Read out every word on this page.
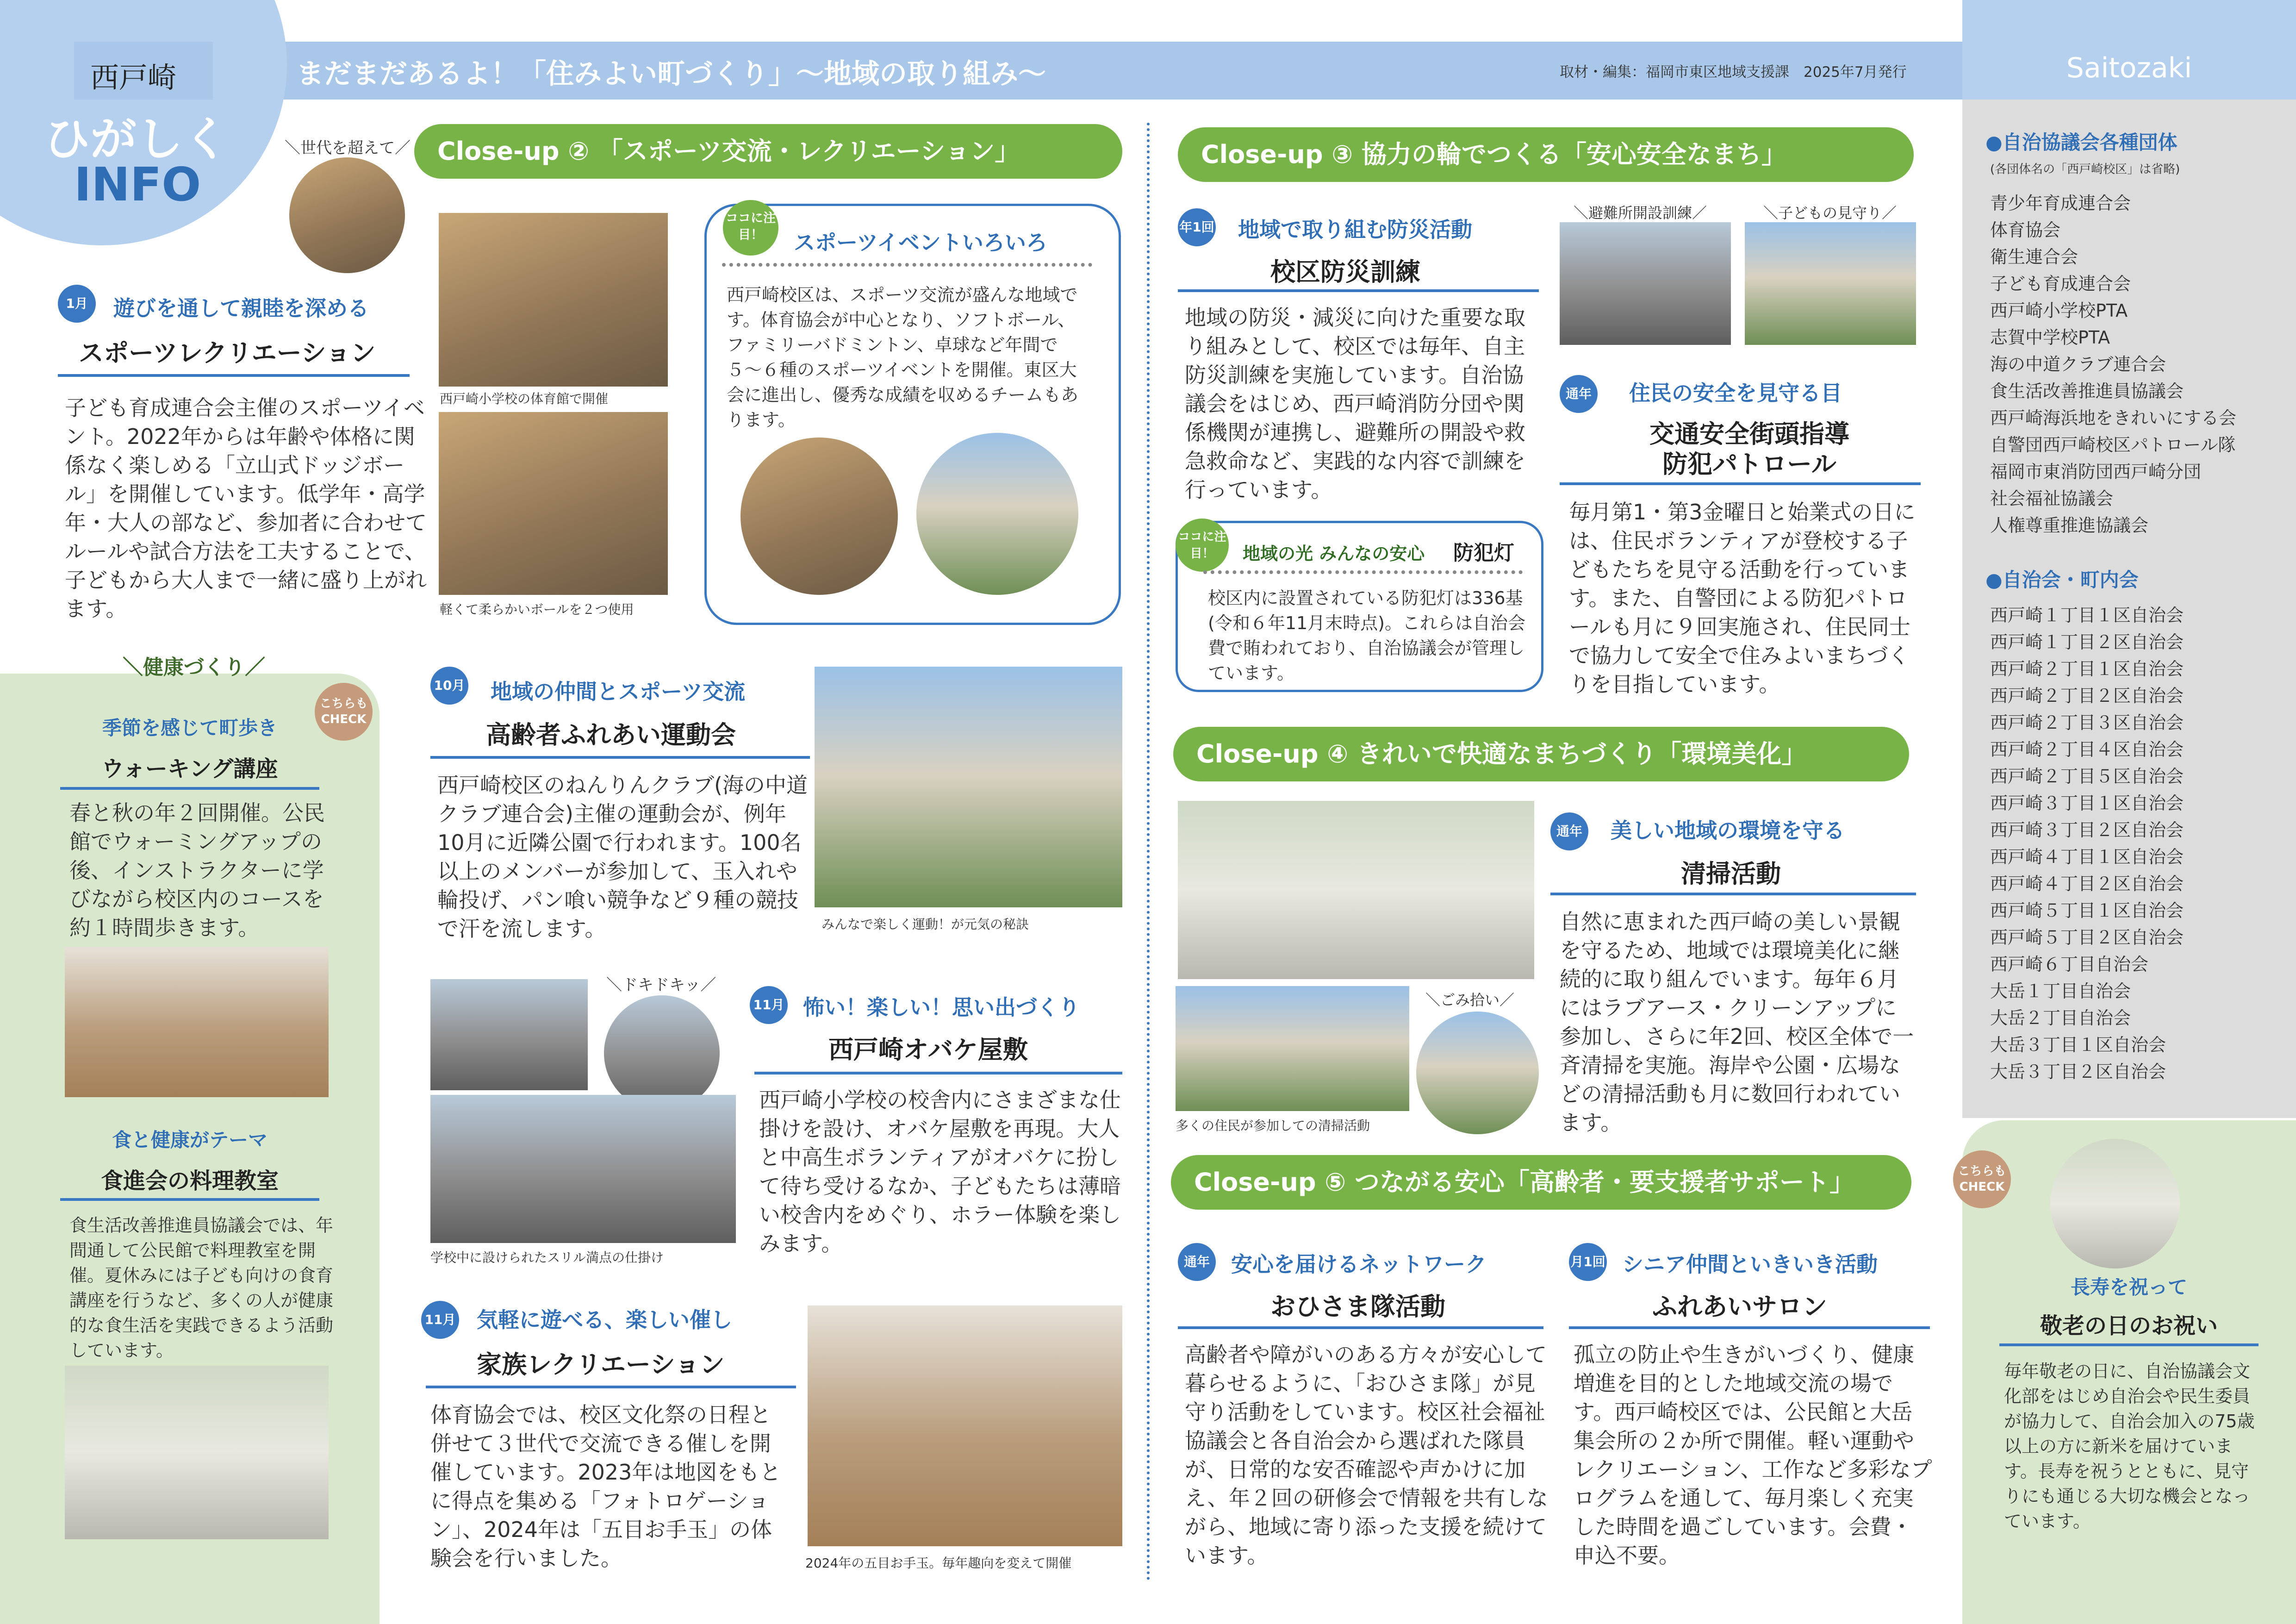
西戸崎
ひがしく
INFO
まだまだあるよ！「住みよい町づくり」〜地域の取り組み〜	取材・編集：福岡市東区地域支援課　2025年7月発行	Saitozaki
＼世代を超えて／
1月	遊びを通して親睦を深める
スポーツレクリエーション
子ども育成連合会主催のスポーツイベント。2022年からは年齢や体格に関係なく楽しめる「立山式ドッジボール」を開催しています。低学年・高学年・大人の部など、参加者に合わせてルールや試合方法を工夫することで、子どもから大人まで一緒に盛り上がれます。
＼健康づくり／
こちらもCHECK
季節を感じて町歩き
ウォーキング講座
春と秋の年２回開催。公民館でウォーミングアップの後、インストラクターに学びながら校区内のコースを約１時間歩きます。
食と健康がテーマ
食進会の料理教室
食生活改善推進員協議会では、年間通して公民館で料理教室を開催。夏休みには子ども向けの食育講座を行うなど、多くの人が健康的な食生活を実践できるよう活動しています。
Close-up ② 「スポーツ交流・レクリエーション」
西戸崎小学校の体育館で開催
軽くて柔らかいボールを２つ使用
ココに注目！	スポーツイベントいろいろ
西戸崎校区は、スポーツ交流が盛んな地域です。体育協会が中心となり、ソフトボール、ファミリーバドミントン、卓球など年間で５〜６種のスポーツイベントを開催。東区大会に進出し、優秀な成績を収めるチームもあります。
10月 地域の仲間とスポーツ交流
高齢者ふれあい運動会
西戸崎校区のねんりんクラブ(海の中道クラブ連合会)主催の運動会が、例年10月に近隣公園で行われます。100名以上のメンバーが参加して、玉入れや輪投げ、パン喰い競争など９種の競技で汗を流します。	みんなで楽しく運動！が元気の秘訣
＼ドキドキッ／
学校中に設けられたスリル満点の仕掛け
11月 怖い！楽しい！思い出づくり
西戸崎オバケ屋敷
西戸崎小学校の校舎内にさまざまな仕掛けを設け、オバケ屋敷を再現。大人と中高生ボランティアがオバケに扮して待ち受けるなか、子どもたちは薄暗い校舎内をめぐり、ホラー体験を楽しみます。
11月 気軽に遊べる、楽しい催し
家族レクリエーション
体育協会では、校区文化祭の日程と併せて３世代で交流できる催しを開催しています。2023年は地図をもとに得点を集める「フォトロゲーション」、2024年は「五目お手玉」の体験会を行いました。	2024年の五目お手玉。毎年趣向を変えて開催
Close-up ③ 協力の輪でつくる「安心安全なまち」
年1回 地域で取り組む防災活動
校区防災訓練
地域の防災・減災に向けた重要な取り組みとして、校区では毎年、自主防災訓練を実施しています。自治協議会をはじめ、西戸崎消防分団や関係機関が連携し、避難所の開設や救急救命など、実践的な内容で訓練を行っています。
＼避難所開設訓練／	＼子どもの見守り／
ココに注目！	地域の光 みんなの安心 防犯灯
校区内に設置されている防犯灯は336基(令和６年11月末時点)。これらは自治会費で賄われており、自治協議会が管理しています。
通年 住民の安全を見守る目
交通安全街頭指導
防犯パトロール
毎月第1・第3金曜日と始業式の日には、住民ボランティアが登校する子どもたちを見守る活動を行っています。また、自警団による防犯パトロールも月に９回実施され、住民同士で協力して安全で住みよいまちづくりを目指しています。
Close-up ④ きれいで快適なまちづくり「環境美化」
＼ごみ拾い／
多くの住民が参加しての清掃活動
通年 美しい地域の環境を守る
清掃活動
自然に恵まれた西戸崎の美しい景観を守るため、地域では環境美化に継続的に取り組んでいます。毎年６月にはラブアース・クリーンアップに参加し、さらに年2回、校区全体で一斉清掃を実施。海岸や公園・広場などの清掃活動も月に数回行われています。
Close-up ⑤ つながる安心「高齢者・要支援者サポート」
通年 安心を届けるネットワーク
おひさま隊活動
高齢者や障がいのある方々が安心して暮らせるように、「おひさま隊」が見守り活動をしています。校区社会福祉協議会と各自治会から選ばれた隊員が、日常的な安否確認や声かけに加え、年２回の研修会で情報を共有しながら、地域に寄り添った支援を続けています。
月1回 シニア仲間といきいき活動
ふれあいサロン
孤立の防止や生きがいづくり、健康増進を目的とした地域交流の場です。西戸崎校区では、公民館と大岳集会所の２か所で開催。軽い運動やレクリエーション、工作など多彩なプログラムを通して、毎月楽しく充実した時間を過ごしています。会費・申込不要。
●自治協議会各種団体
(各団体名の「西戸崎校区」は省略)
青少年育成連合会
体育協会
衛生連合会
子ども育成連合会
西戸崎小学校PTA
志賀中学校PTA
海の中道クラブ連合会
食生活改善推進員協議会
西戸崎海浜地をきれいにする会
自警団西戸崎校区パトロール隊
福岡市東消防団西戸崎分団
社会福祉協議会
人権尊重推進協議会
●自治会・町内会
西戸崎１丁目１区自治会
西戸崎１丁目２区自治会
西戸崎２丁目１区自治会
西戸崎２丁目２区自治会
西戸崎２丁目３区自治会
西戸崎２丁目４区自治会
西戸崎２丁目５区自治会
西戸崎３丁目１区自治会
西戸崎３丁目２区自治会
西戸崎４丁目１区自治会
西戸崎４丁目２区自治会
西戸崎５丁目１区自治会
西戸崎５丁目２区自治会
西戸崎６丁目自治会
大岳１丁目自治会
大岳２丁目自治会
大岳３丁目１区自治会
大岳３丁目２区自治会
こちらもCHECK
長寿を祝って
敬老の日のお祝い
毎年敬老の日に、自治協議会文化部をはじめ自治会や民生委員が協力して、自治会加入の75歳以上の方に新米を届けています。長寿を祝うとともに、見守りにも通じる大切な機会となっています。
